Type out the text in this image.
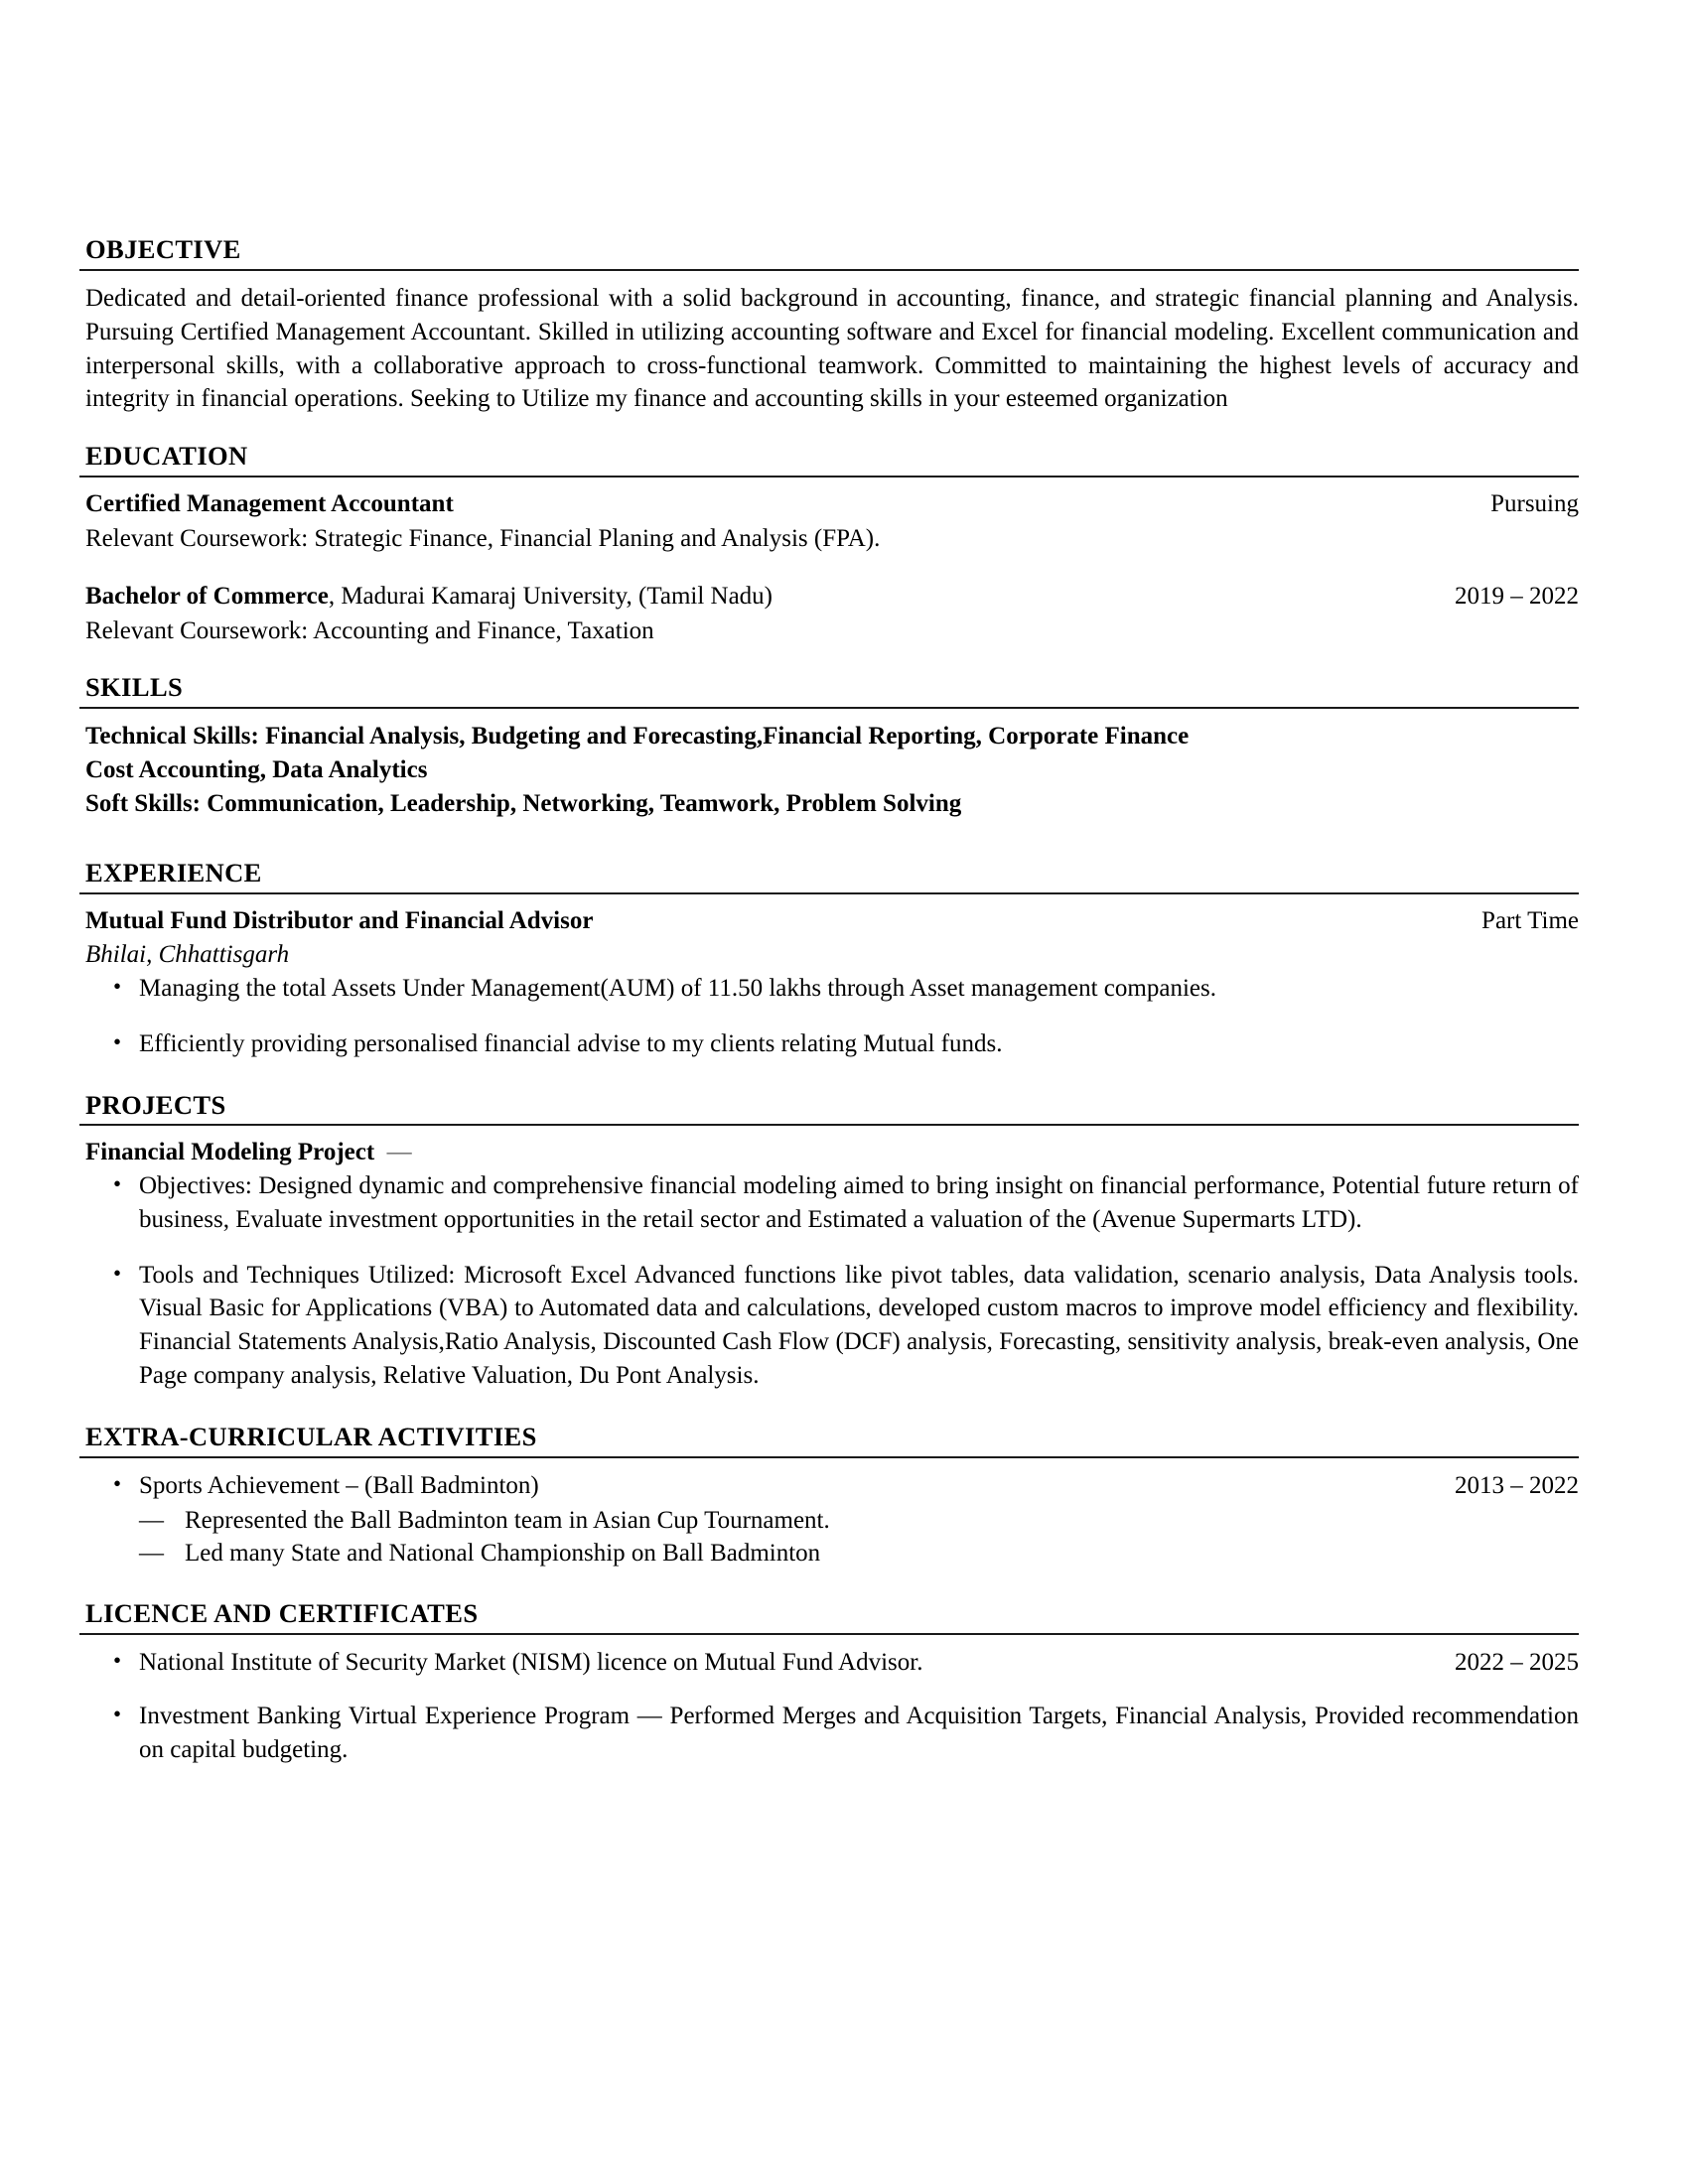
OBJECTIVE

Dedicated and detail-oriented finance professional with a solid background in accounting, finance, and strategic financial planning and Analysis. Pursuing Certified Management Accountant. Skilled in utilizing accounting software and Excel for financial modeling. Excellent communication and interpersonal skills, with a collaborative approach to cross-functional teamwork. Committed to maintaining the highest levels of accuracy and integrity in financial operations. Seeking to Utilize my finance and accounting skills in your esteemed organization

EDUCATION
Certified Management Accountant	Pursuing
Relevant Coursework: Strategic Finance, Financial Planing and Analysis (FPA).
Bachelor of Commerce, Madurai Kamaraj University, (Tamil Nadu)	2019 – 2022
Relevant Coursework: Accounting and Finance, Taxation
SKILLS
Technical Skills: Financial Analysis, Budgeting and Forecasting,Financial Reporting, Corporate Finance
Cost Accounting, Data Analytics
Soft Skills: Communication, Leadership, Networking, Teamwork, Problem Solving
EXPERIENCE
Mutual Fund Distributor and Financial Advisor	Part Time
Bhilai, Chhattisgarh
• Managing the total Assets Under Management(AUM) of 11.50 lakhs through Asset management companies.
• Efficiently providing personalised financial advise to my clients relating Mutual funds.
PROJECTS
Financial Modeling Project —
• Objectives: Designed dynamic and comprehensive financial modeling aimed to bring insight on financial performance, Potential future return of business, Evaluate investment opportunities in the retail sector and Estimated a valuation of the (Avenue Supermarts LTD).
• Tools and Techniques Utilized: Microsoft Excel Advanced functions like pivot tables, data validation, scenario analysis, Data Analysis tools. Visual Basic for Applications (VBA) to Automated data and calculations, developed custom macros to improve model efficiency and flexibility. Financial Statements Analysis,Ratio Analysis, Discounted Cash Flow (DCF) analysis, Forecasting, sensitivity analysis, break-even analysis, One Page company analysis, Relative Valuation, Du Pont Analysis.
EXTRA-CURRICULAR ACTIVITIES
• Sports Achievement – (Ball Badminton)	2013 – 2022
— Represented the Ball Badminton team in Asian Cup Tournament.
— Led many State and National Championship on Ball Badminton
LICENCE AND CERTIFICATES
• National Institute of Security Market (NISM) licence on Mutual Fund Advisor.	2022 – 2025
• Investment Banking Virtual Experience Program — Performed Merges and Acquisition Targets, Financial Analysis, Provided recommendation on capital budgeting.
